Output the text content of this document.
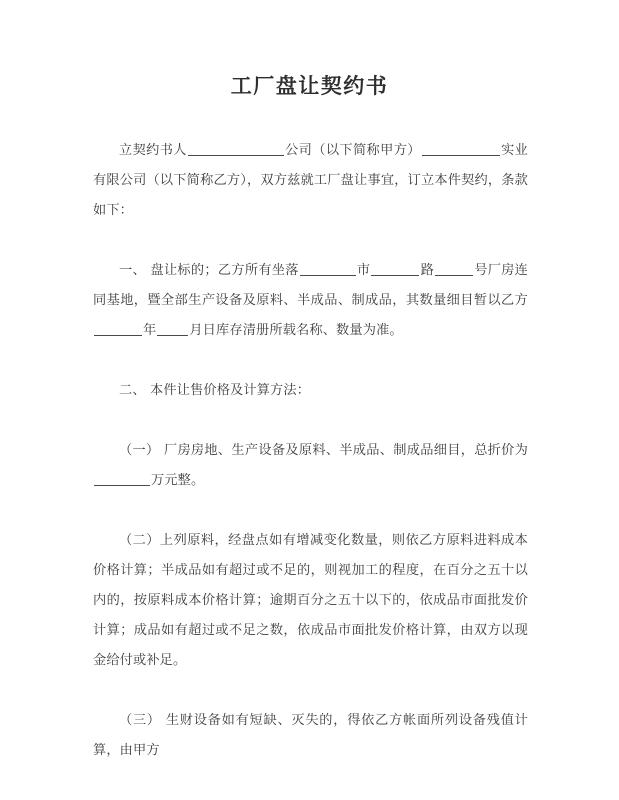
工厂盘让契约书

立契约书人	公司（以下简称甲方）	实业有限公司（以下简称乙方），双方兹就工厂盘让事宜，订立本件契约，条款如下：

一、 盘让标的；乙方所有坐落	市	路	号厂房连同基地，暨全部生产设备及原料、半成品、制成品，其数量细目暂以乙方年	月日库存清册所载名称、数量为准。

二、 本件让售价格及计算方法：

（一） 厂房房地、生产设备及原料、半成品、制成品细目，总折价为万元整。

（二）上列原料，经盘点如有增减变化数量，则依乙方原料进料成本价格计算；半成品如有超过或不足的，则视加工的程度，在百分之五十以内的，按原料成本价格计算；逾期百分之五十以下的，依成品市面批发价计算；成品如有超过或不足之数，依成品市面批发价格计算，由双方以现金给付或补足。

（三） 生财设备如有短缺、灭失的，得依乙方帐面所列设备残值计算，由甲方
